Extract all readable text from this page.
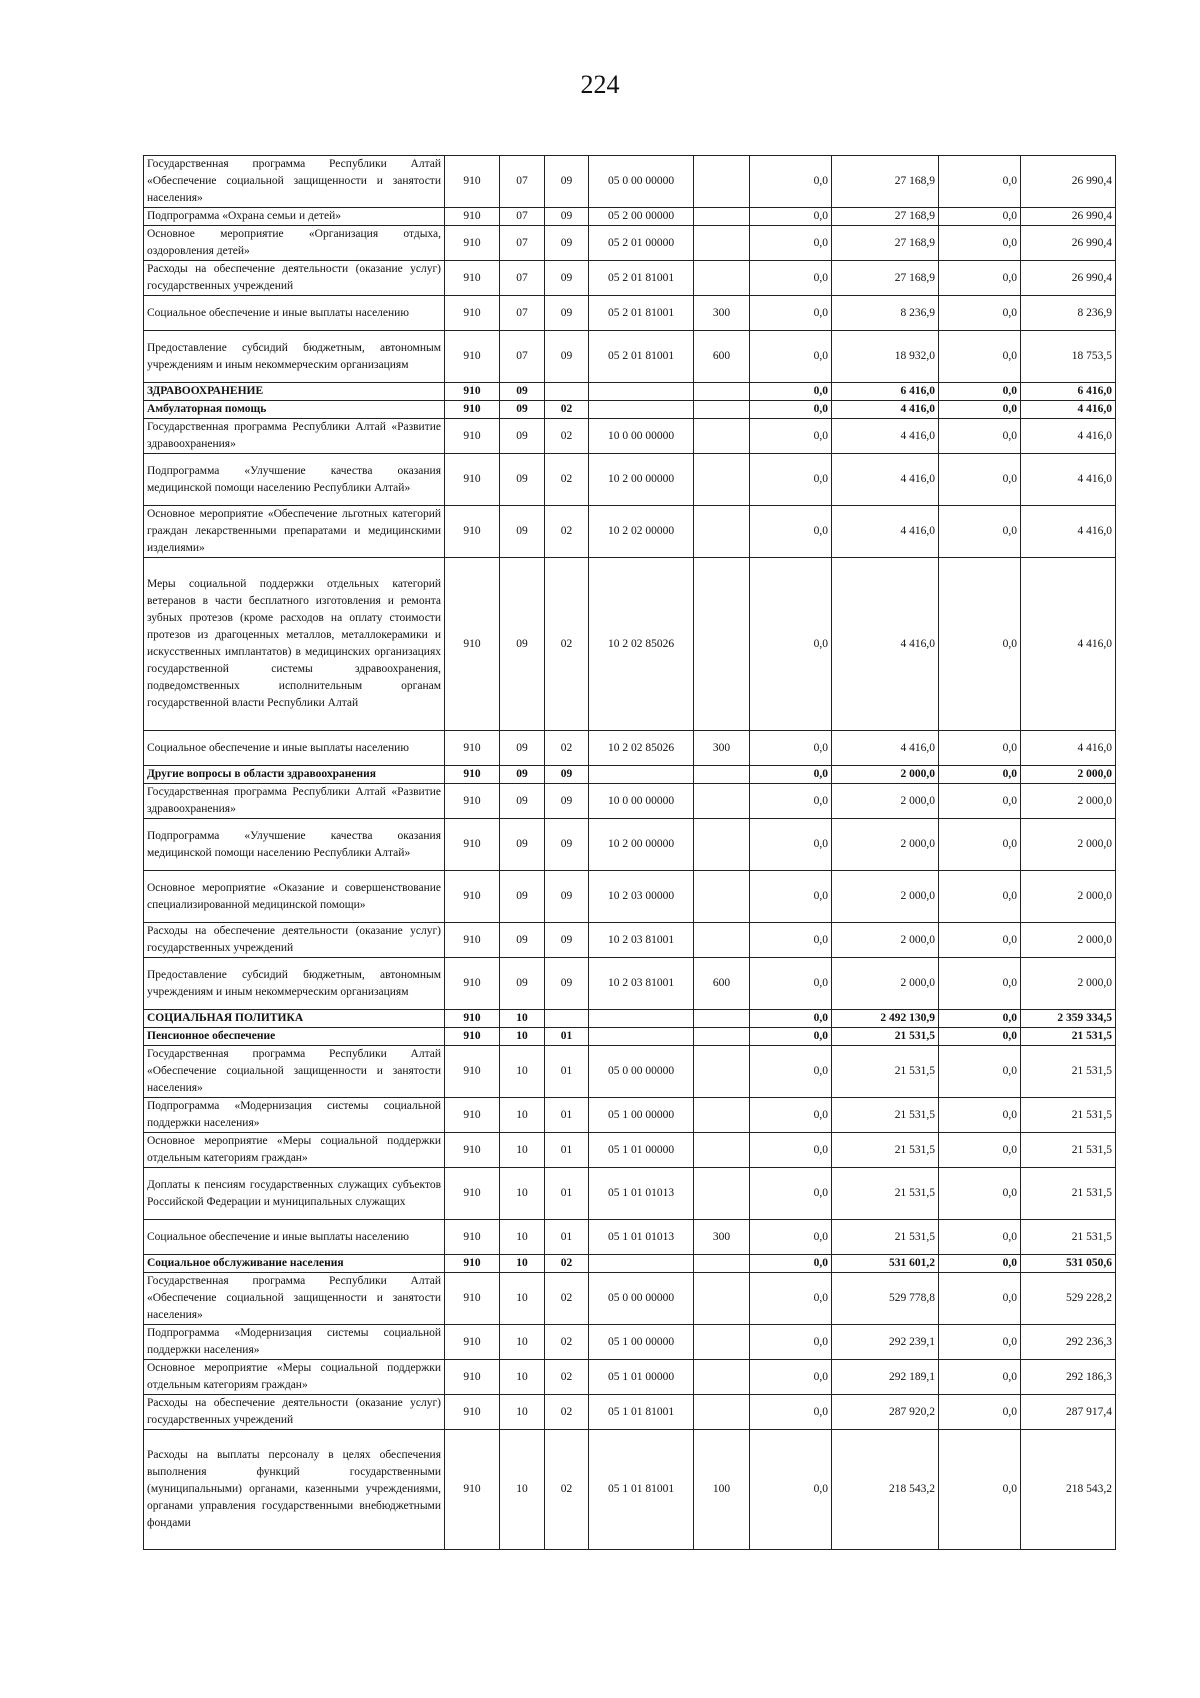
224
Государственная программа Республики Алтай «Обеспечение социальной защищенности и занятости населения»	910	07	09	05 0 00 00000		0,0	27 168,9	0,0	26 990,4
Подпрограмма «Охрана семьи и детей»	910	07	09	05 2 00 00000		0,0	27 168,9	0,0	26 990,4
Основное мероприятие «Организация отдыха, оздоровления детей»	910	07	09	05 2 01 00000		0,0	27 168,9	0,0	26 990,4
Расходы на обеспечение деятельности (оказание услуг) государственных учреждений	910	07	09	05 2 01 81001		0,0	27 168,9	0,0	26 990,4
Социальное обеспечение и иные выплаты населению	910	07	09	05 2 01 81001	300	0,0	8 236,9	0,0	8 236,9
Предоставление субсидий бюджетным, автономным учреждениям и иным некоммерческим организациям	910	07	09	05 2 01 81001	600	0,0	18 932,0	0,0	18 753,5
ЗДРАВООХРАНЕНИЕ	910	09				0,0	6 416,0	0,0	6 416,0
Амбулаторная помощь	910	09	02			0,0	4 416,0	0,0	4 416,0
Государственная программа Республики Алтай «Развитие здравоохранения»	910	09	02	10 0 00 00000		0,0	4 416,0	0,0	4 416,0
Подпрограмма «Улучшение качества оказания медицинской помощи населению Республики Алтай»	910	09	02	10 2 00 00000		0,0	4 416,0	0,0	4 416,0
Основное мероприятие «Обеспечение льготных категорий граждан лекарственными препаратами и медицинскими изделиями»	910	09	02	10 2 02 00000		0,0	4 416,0	0,0	4 416,0
Меры социальной поддержки отдельных категорий ветеранов в части бесплатного изготовления и ремонта зубных протезов (кроме расходов на оплату стоимости протезов из драгоценных металлов, металлокерамики и искусственных имплантатов) в медицинских организациях государственной системы здравоохранения, подведомственных исполнительным органам государственной власти Республики Алтай	910	09	02	10 2 02 85026		0,0	4 416,0	0,0	4 416,0
Социальное обеспечение и иные выплаты населению	910	09	02	10 2 02 85026	300	0,0	4 416,0	0,0	4 416,0
Другие вопросы в области здравоохранения	910	09	09			0,0	2 000,0	0,0	2 000,0
Государственная программа Республики Алтай «Развитие здравоохранения»	910	09	09	10 0 00 00000		0,0	2 000,0	0,0	2 000,0
Подпрограмма «Улучшение качества оказания медицинской помощи населению Республики Алтай»	910	09	09	10 2 00 00000		0,0	2 000,0	0,0	2 000,0
Основное мероприятие «Оказание и совершенствование специализированной медицинской помощи»	910	09	09	10 2 03 00000		0,0	2 000,0	0,0	2 000,0
Расходы на обеспечение деятельности (оказание услуг) государственных учреждений	910	09	09	10 2 03 81001		0,0	2 000,0	0,0	2 000,0
Предоставление субсидий бюджетным, автономным учреждениям и иным некоммерческим организациям	910	09	09	10 2 03 81001	600	0,0	2 000,0	0,0	2 000,0
СОЦИАЛЬНАЯ ПОЛИТИКА	910	10				0,0	2 492 130,9	0,0	2 359 334,5
Пенсионное обеспечение	910	10	01			0,0	21 531,5	0,0	21 531,5
Государственная программа Республики Алтай «Обеспечение социальной защищенности и занятости населения»	910	10	01	05 0 00 00000		0,0	21 531,5	0,0	21 531,5
Подпрограмма «Модернизация системы социальной поддержки населения»	910	10	01	05 1 00 00000		0,0	21 531,5	0,0	21 531,5
Основное мероприятие «Меры социальной поддержки отдельным категориям граждан»	910	10	01	05 1 01 00000		0,0	21 531,5	0,0	21 531,5
Доплаты к пенсиям государственных служащих субъектов Российской Федерации и муниципальных служащих	910	10	01	05 1 01 01013		0,0	21 531,5	0,0	21 531,5
Социальное обеспечение и иные выплаты населению	910	10	01	05 1 01 01013	300	0,0	21 531,5	0,0	21 531,5
Социальное обслуживание населения	910	10	02			0,0	531 601,2	0,0	531 050,6
Государственная программа Республики Алтай «Обеспечение социальной защищенности и занятости населения»	910	10	02	05 0 00 00000		0,0	529 778,8	0,0	529 228,2
Подпрограмма «Модернизация системы социальной поддержки населения»	910	10	02	05 1 00 00000		0,0	292 239,1	0,0	292 236,3
Основное мероприятие «Меры социальной поддержки отдельным категориям граждан»	910	10	02	05 1 01 00000		0,0	292 189,1	0,0	292 186,3
Расходы на обеспечение деятельности (оказание услуг) государственных учреждений	910	10	02	05 1 01 81001		0,0	287 920,2	0,0	287 917,4
Расходы на выплаты персоналу в целях обеспечения выполнения функций государственными (муниципальными) органами, казенными учреждениями, органами управления государственными внебюджетными фондами	910	10	02	05 1 01 81001	100	0,0	218 543,2	0,0	218 543,2
